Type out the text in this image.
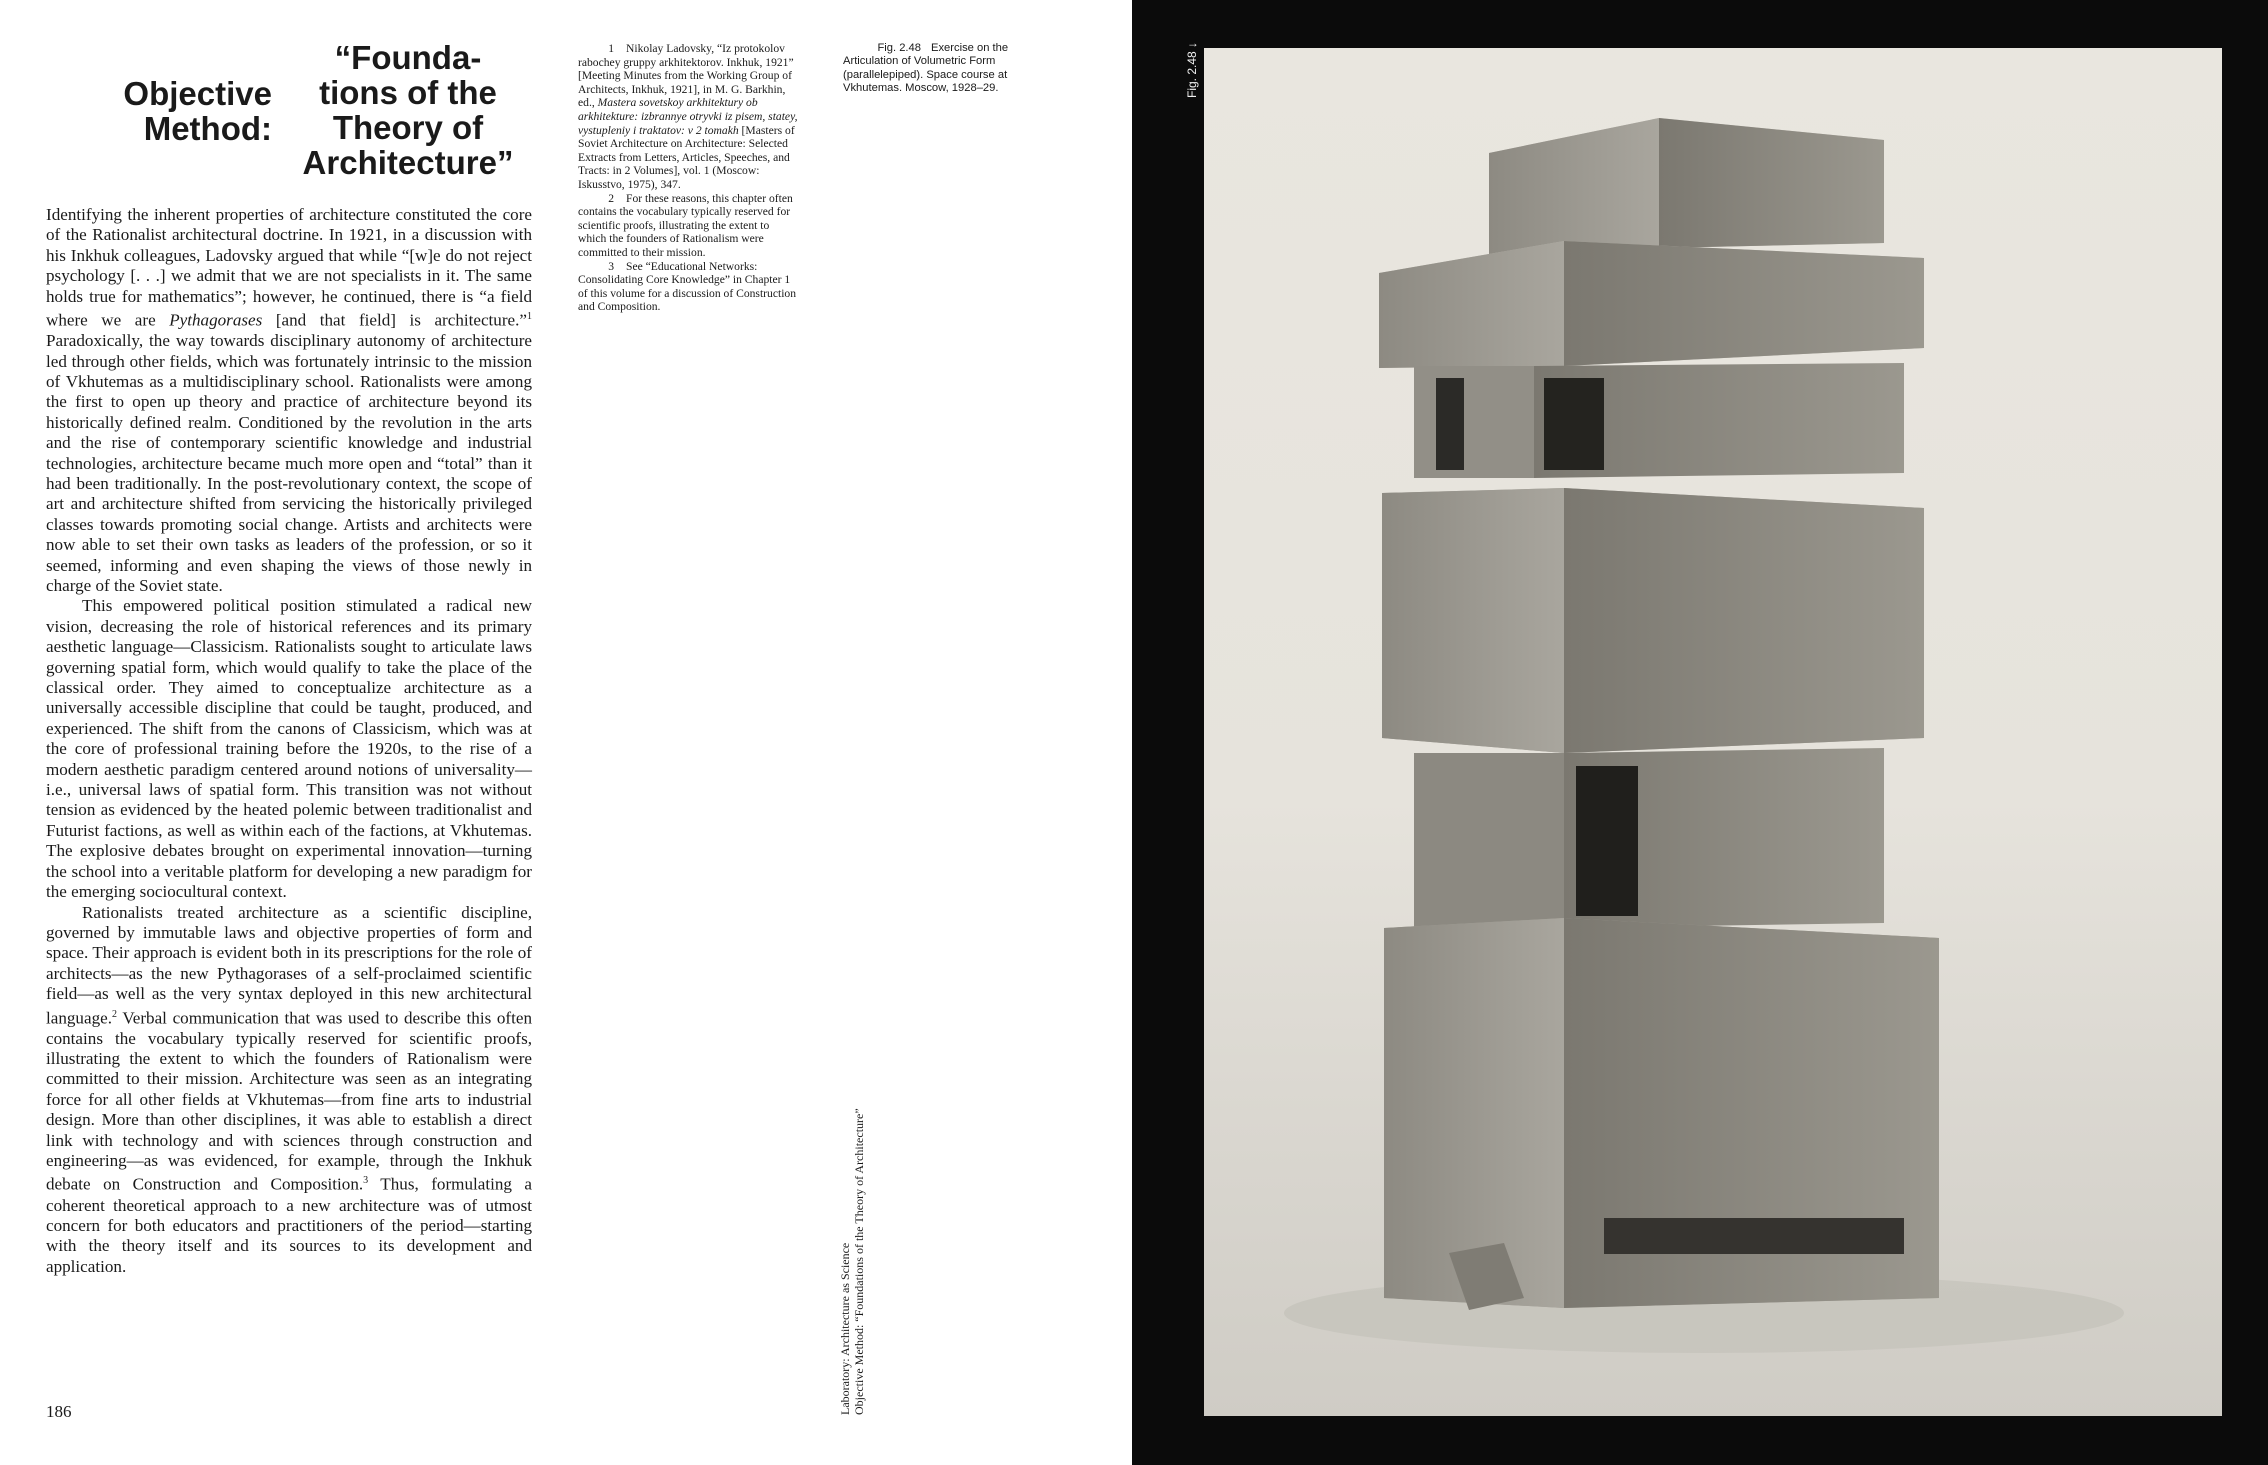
Objective
Method:
“Founda-
tions of the
Theory of
Architecture”

Identifying the inherent properties of architecture constituted the core of the Rationalist architectural doctrine. In 1921, in a discussion with his Inkhuk colleagues, Ladovsky argued that while “[w]e do not reject psychology [. . .] we admit that we are not specialists in it. The same holds true for mathematics”; however, he continued, there is “a field where we are Pythagorases [and that field] is architecture.”$^1$ Paradoxically, the way towards disciplinary autonomy of architecture led through other fields, which was fortunately intrinsic to the mission of Vkhutemas as a multidisciplinary school. Rationalists were among the first to open up theory and practice of architecture beyond its historically defined realm. Conditioned by the revolution in the arts and the rise of contemporary scientific knowledge and industrial technologies, architecture became much more open and “total” than it had been traditionally. In the post-revolutionary context, the scope of art and architecture shifted from servicing the historically privileged classes towards promoting social change. Artists and architects were now able to set their own tasks as leaders of the profession, or so it seemed, informing and even shaping the views of those newly in charge of the Soviet state.

This empowered political position stimulated a radical new vision, decreasing the role of historical references and its primary aesthetic language—Classicism. Rationalists sought to articulate laws governing spatial form, which would qualify to take the place of the classical order. They aimed to conceptualize architecture as a universally accessible discipline that could be taught, produced, and experienced. The shift from the canons of Classicism, which was at the core of professional training before the 1920s, to the rise of a modern aesthetic paradigm centered around notions of universality—i.e., universal laws of spatial form. This transition was not without tension as evidenced by the heated polemic between traditionalist and Futurist factions, as well as within each of the factions, at Vkhutemas. The explosive debates brought on experimental innovation—turning the school into a veritable platform for developing a new paradigm for the emerging sociocultural context.

Rationalists treated architecture as a scientific discipline, governed by immutable laws and objective properties of form and space. Their approach is evident both in its prescriptions for the role of architects—as the new Pythagorases of a self-proclaimed scientific field—as well as the very syntax deployed in this new architectural language.$^2$ Verbal communication that was used to describe this often contains the vocabulary typically reserved for scientific proofs, illustrating the extent to which the founders of Rationalism were committed to their mission. Architecture was seen as an integrating force for all other fields at Vkhutemas—from fine arts to industrial design. More than other disciplines, it was able to establish a direct link with technology and with sciences through construction and engineering—as was evidenced, for example, through the Inkhuk debate on Construction and Composition.$^3$ Thus, formulating a coherent theoretical approach to a new architecture was of utmost concern for both educators and practitioners of the period—starting with the theory itself and its sources to its development and application.

186

1 Nikolay Ladovsky, “Iz protokolov rabochey gruppy arkhitektorov. Inkhuk, 1921” [Meeting Minutes from the Working Group of Architects, Inkhuk, 1921], in M. G. Barkhin, ed., Mastera sovetskoy arkhitektury ob arkhitekture: izbrannye otryvki iz pisem, statey, vystupleniy i traktatov: v 2 tomakh [Masters of Soviet Architecture on Architecture: Selected Extracts from Letters, Articles, Speeches, and Tracts: in 2 Volumes], vol. 1 (Moscow: Iskusstvo, 1975), 347.

2 For these reasons, this chapter often contains the vocabulary typically reserved for scientific proofs, illustrating the extent to which the founders of Rationalism were committed to their mission.

3 See “Educational Networks: Consolidating Core Knowledge” in Chapter 1 of this volume for a discussion of Construction and Composition.

Fig. 2.48 Exercise on the Articulation of Volumetric Form (parallelepiped). Space course at Vkhutemas. Moscow, 1928–29.
Laboratory: Architecture as Science Objective Method: “Foundations of the Theory of Architecture”
Fig. 2.48 ↓
